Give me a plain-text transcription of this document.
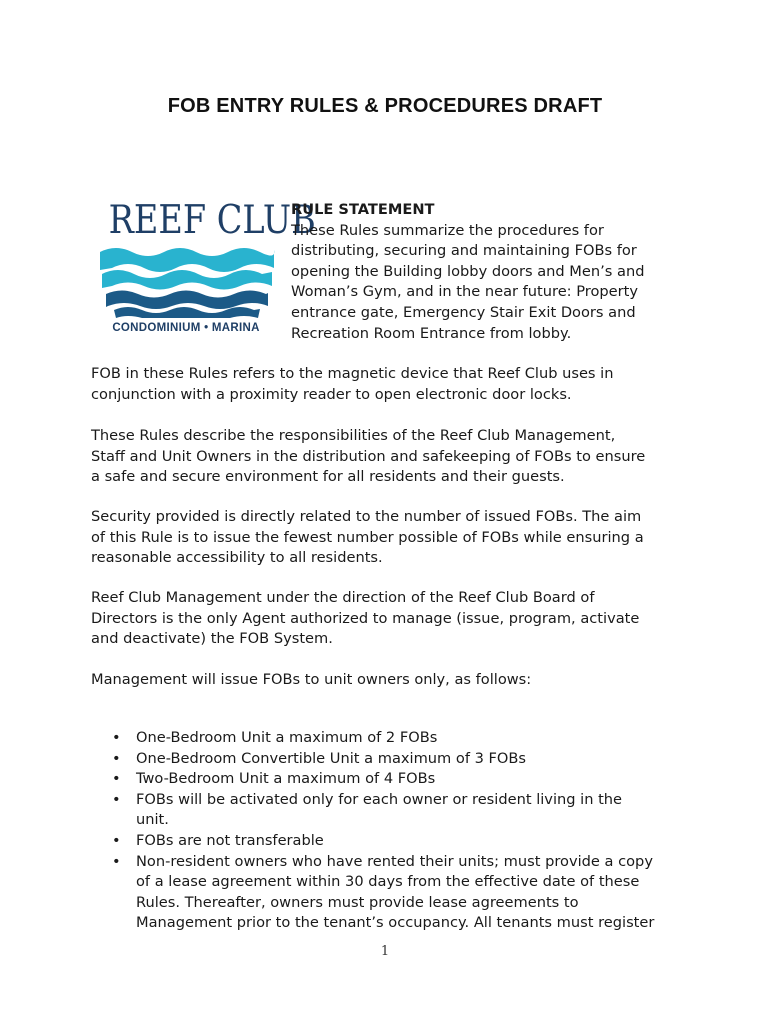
FOB ENTRY RULES & PROCEDURES DRAFT
REEF CLUB
CONDOMINIUM • MARINA
RULE STATEMENT
These Rules summarize the procedures for
distributing, securing and maintaining FOBs for
opening the Building lobby doors and Men’s and
Woman’s Gym, and in the near future: Property
entrance gate, Emergency Stair Exit Doors and
Recreation Room Entrance from lobby.
FOB in these Rules refers to the magnetic device that Reef Club uses in
conjunction with a proximity reader to open electronic door locks.
These Rules describe the responsibilities of the Reef Club Management,
Staff and Unit Owners in the distribution and safekeeping of FOBs to ensure
a safe and secure environment for all residents and their guests.
Security provided is directly related to the number of issued FOBs. The aim
of this Rule is to issue the fewest number possible of FOBs while ensuring a
reasonable accessibility to all residents.
Reef Club Management under the direction of the Reef Club Board of
Directors is the only Agent authorized to manage (issue, program, activate
and deactivate) the FOB System.
Management will issue FOBs to unit owners only, as follows:
• One-Bedroom Unit a maximum of 2 FOBs
• One-Bedroom Convertible Unit a maximum of 3 FOBs
• Two-Bedroom Unit a maximum of 4 FOBs
• FOBs will be activated only for each owner or resident living in the
unit.
• FOBs are not transferable
• Non-resident owners who have rented their units; must provide a copy
of a lease agreement within 30 days from the effective date of these
Rules. Thereafter, owners must provide lease agreements to
Management prior to the tenant’s occupancy. All tenants must register
1
